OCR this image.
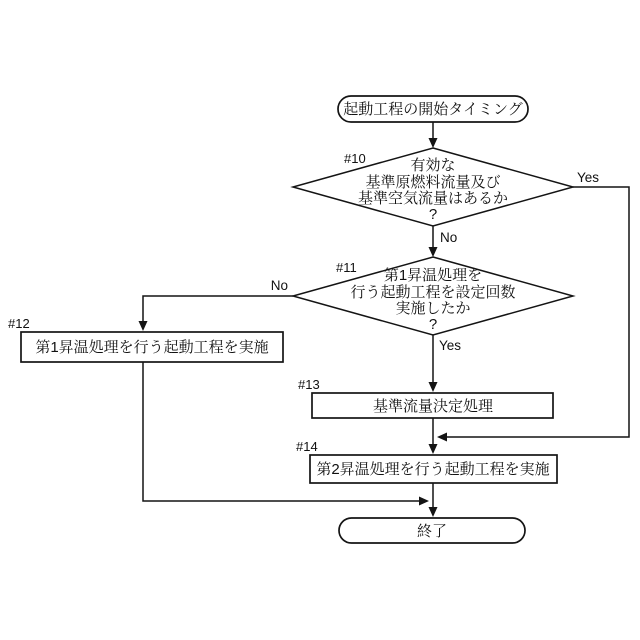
起動工程の開始タイミング
#10	有効な
基準原燃料流量及び
基準空気流量はあるか
?
Yes
No
#11 第1昇温処理を
行う起動工程を設定回数
実施したか
?
No
Yes
#12
第1昇温処理を行う起動工程を実施
#13
基準流量決定処理
#14
第2昇温処理を行う起動工程を実施
終了
